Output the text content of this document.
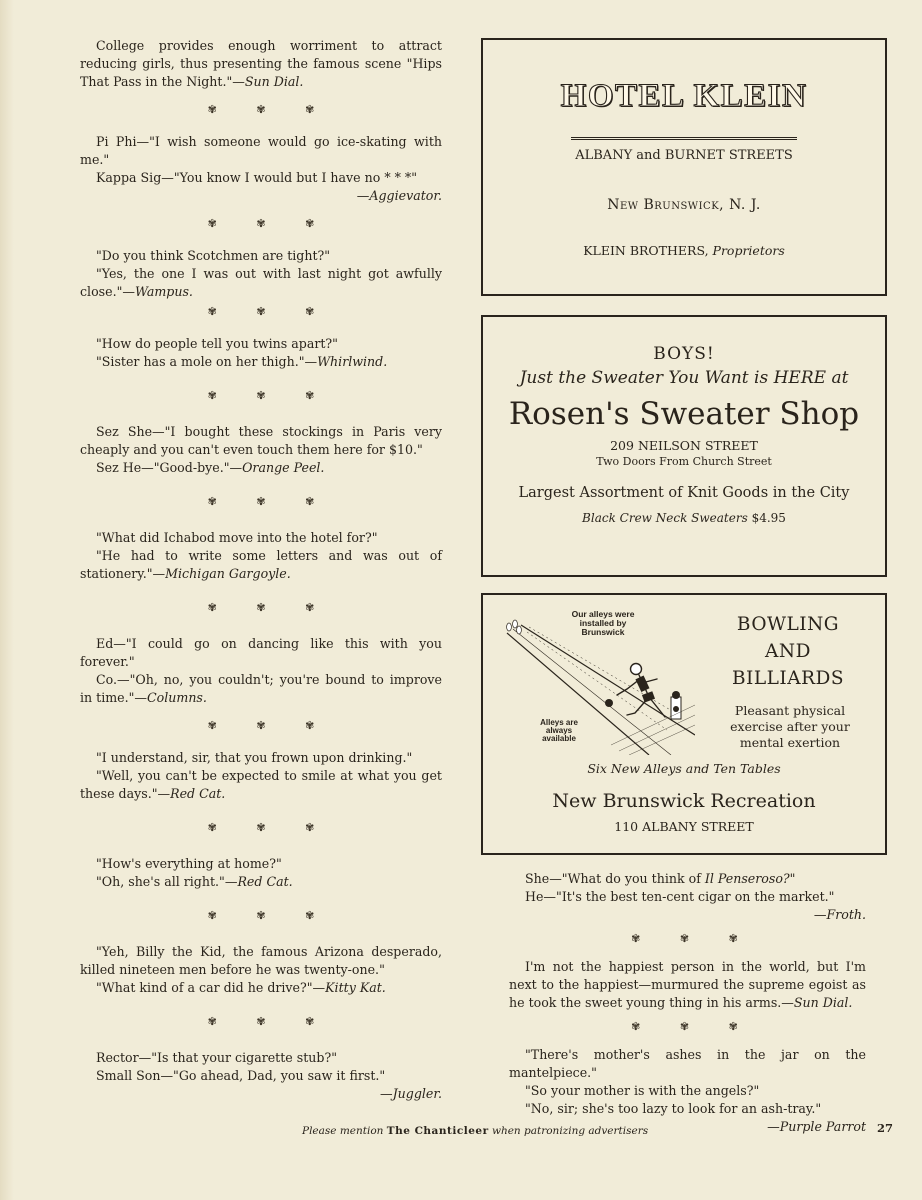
College provides enough worriment to attract reducing girls, thus presenting the famous scene "Hips That Pass in the Night."—Sun Dial.

✾ ✾ ✾

Pi Phi—"I wish someone would go ice-skating with me."

Kappa Sig—"You know I would but I have no * * *"

—Aggievator.

✾ ✾ ✾

"Do you think Scotchmen are tight?"

"Yes, the one I was out with last night got awfully close."—Wampus.

✾ ✾ ✾

"How do people tell you twins apart?"

"Sister has a mole on her thigh."—Whirlwind.

✾ ✾ ✾

Sez She—"I bought these stockings in Paris very cheaply and you can't even touch them here for $10."

Sez He—"Good-bye."—Orange Peel.

✾ ✾ ✾

"What did Ichabod move into the hotel for?"

"He had to write some letters and was out of stationery."—Michigan Gargoyle.

✾ ✾ ✾

Ed—"I could go on dancing like this with you forever."

Co.—"Oh, no, you couldn't; you're bound to improve in time."—Columns.

✾ ✾ ✾

"I understand, sir, that you frown upon drinking."

"Well, you can't be expected to smile at what you get these days."—Red Cat.

✾ ✾ ✾

"How's everything at home?"

"Oh, she's all right."—Red Cat.

✾ ✾ ✾

"Yeh, Billy the Kid, the famous Arizona desperado, killed nineteen men before he was twenty-one."

"What kind of a car did he drive?"—Kitty Kat.

✾ ✾ ✾

Rector—"Is that your cigarette stub?"

Small Son—"Go ahead, Dad, you saw it first."

—Juggler.

HOTEL KLEIN
ALBANY and BURNET STREETS
New Brunswick, N. J.
KLEIN BROTHERS, Proprietors
BOYS!
Just the Sweater You Want is HERE at
Rosen's Sweater Shop
209 NEILSON STREET
Two Doors From Church Street
Largest Assortment of Knit Goods in the City
Black Crew Neck Sweaters $4.95
Our alleys were
installed by
Brunswick
Alleys are
always
available
BOWLING
AND
BILLIARDS
Pleasant physical exercise after your mental exertion
Six New Alleys and Ten Tables
New Brunswick Recreation
110 ALBANY STREET

She—"What do you think of Il Penseroso?"

He—"It's the best ten-cent cigar on the market."

—Froth.

✾ ✾ ✾

I'm not the happiest person in the world, but I'm next to the happiest—murmured the supreme egoist as he took the sweet young thing in his arms.—Sun Dial.

✾ ✾ ✾

"There's mother's ashes in the jar on the mantelpiece."

"So your mother is with the angels?"

"No, sir; she's too lazy to look for an ash-tray."

—Purple Parrot

Please mention The Chanticleer when patronizing advertisers	27
